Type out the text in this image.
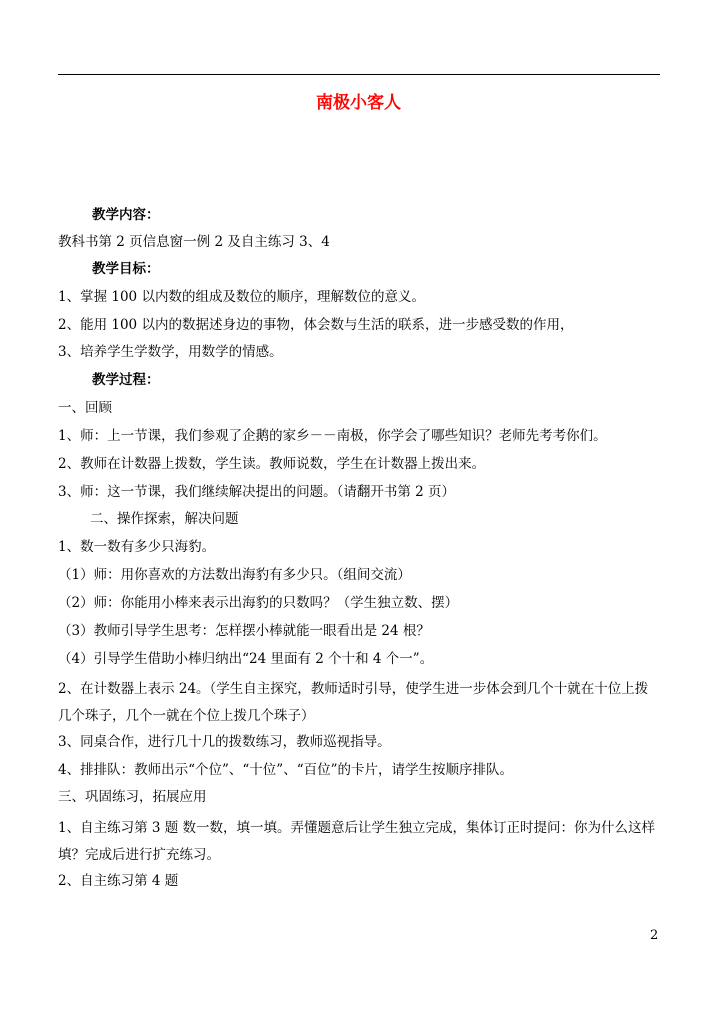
南极小客人
教学内容：
教科书第 2 页信息窗一例 2 及自主练习 3、4
教学目标：
1、掌握 100 以内数的组成及数位的顺序，理解数位的意义。
2、能用 100 以内的数据述身边的事物，体会数与生活的联系，进一步感受数的作用，
3、培养学生学数学，用数学的情感。
教学过程：
一、回顾
1、师：上一节课，我们参观了企鹅的家乡－－南极，你学会了哪些知识？老师先考考你们。
2、教师在计数器上拨数，学生读。教师说数，学生在计数器上拨出来。
3、师：这一节课，我们继续解决提出的问题。（请翻开书第 2 页）
二、操作探索，解决问题
1、数一数有多少只海豹。
（1）师：用你喜欢的方法数出海豹有多少只。（组间交流）
（2）师：你能用小棒来表示出海豹的只数吗？（学生独立数、摆）
（3）教师引导学生思考：怎样摆小棒就能一眼看出是 24 根？
（4）引导学生借助小棒归纳出“24 里面有 2 个十和 4 个一”。
2、在计数器上表示 24。（学生自主探究，教师适时引导，使学生进一步体会到几个十就在十位上拨几个珠子，几个一就在个位上拨几个珠子）
3、同桌合作，进行几十几的拨数练习，教师巡视指导。
4、排排队：教师出示“个位”、“十位”、“百位”的卡片，请学生按顺序排队。
三、巩固练习，拓展应用
1、自主练习第 3 题 数一数，填一填。弄懂题意后让学生独立完成，集体订正时提问：你为什么这样填？完成后进行扩充练习。
2、自主练习第 4 题
2
